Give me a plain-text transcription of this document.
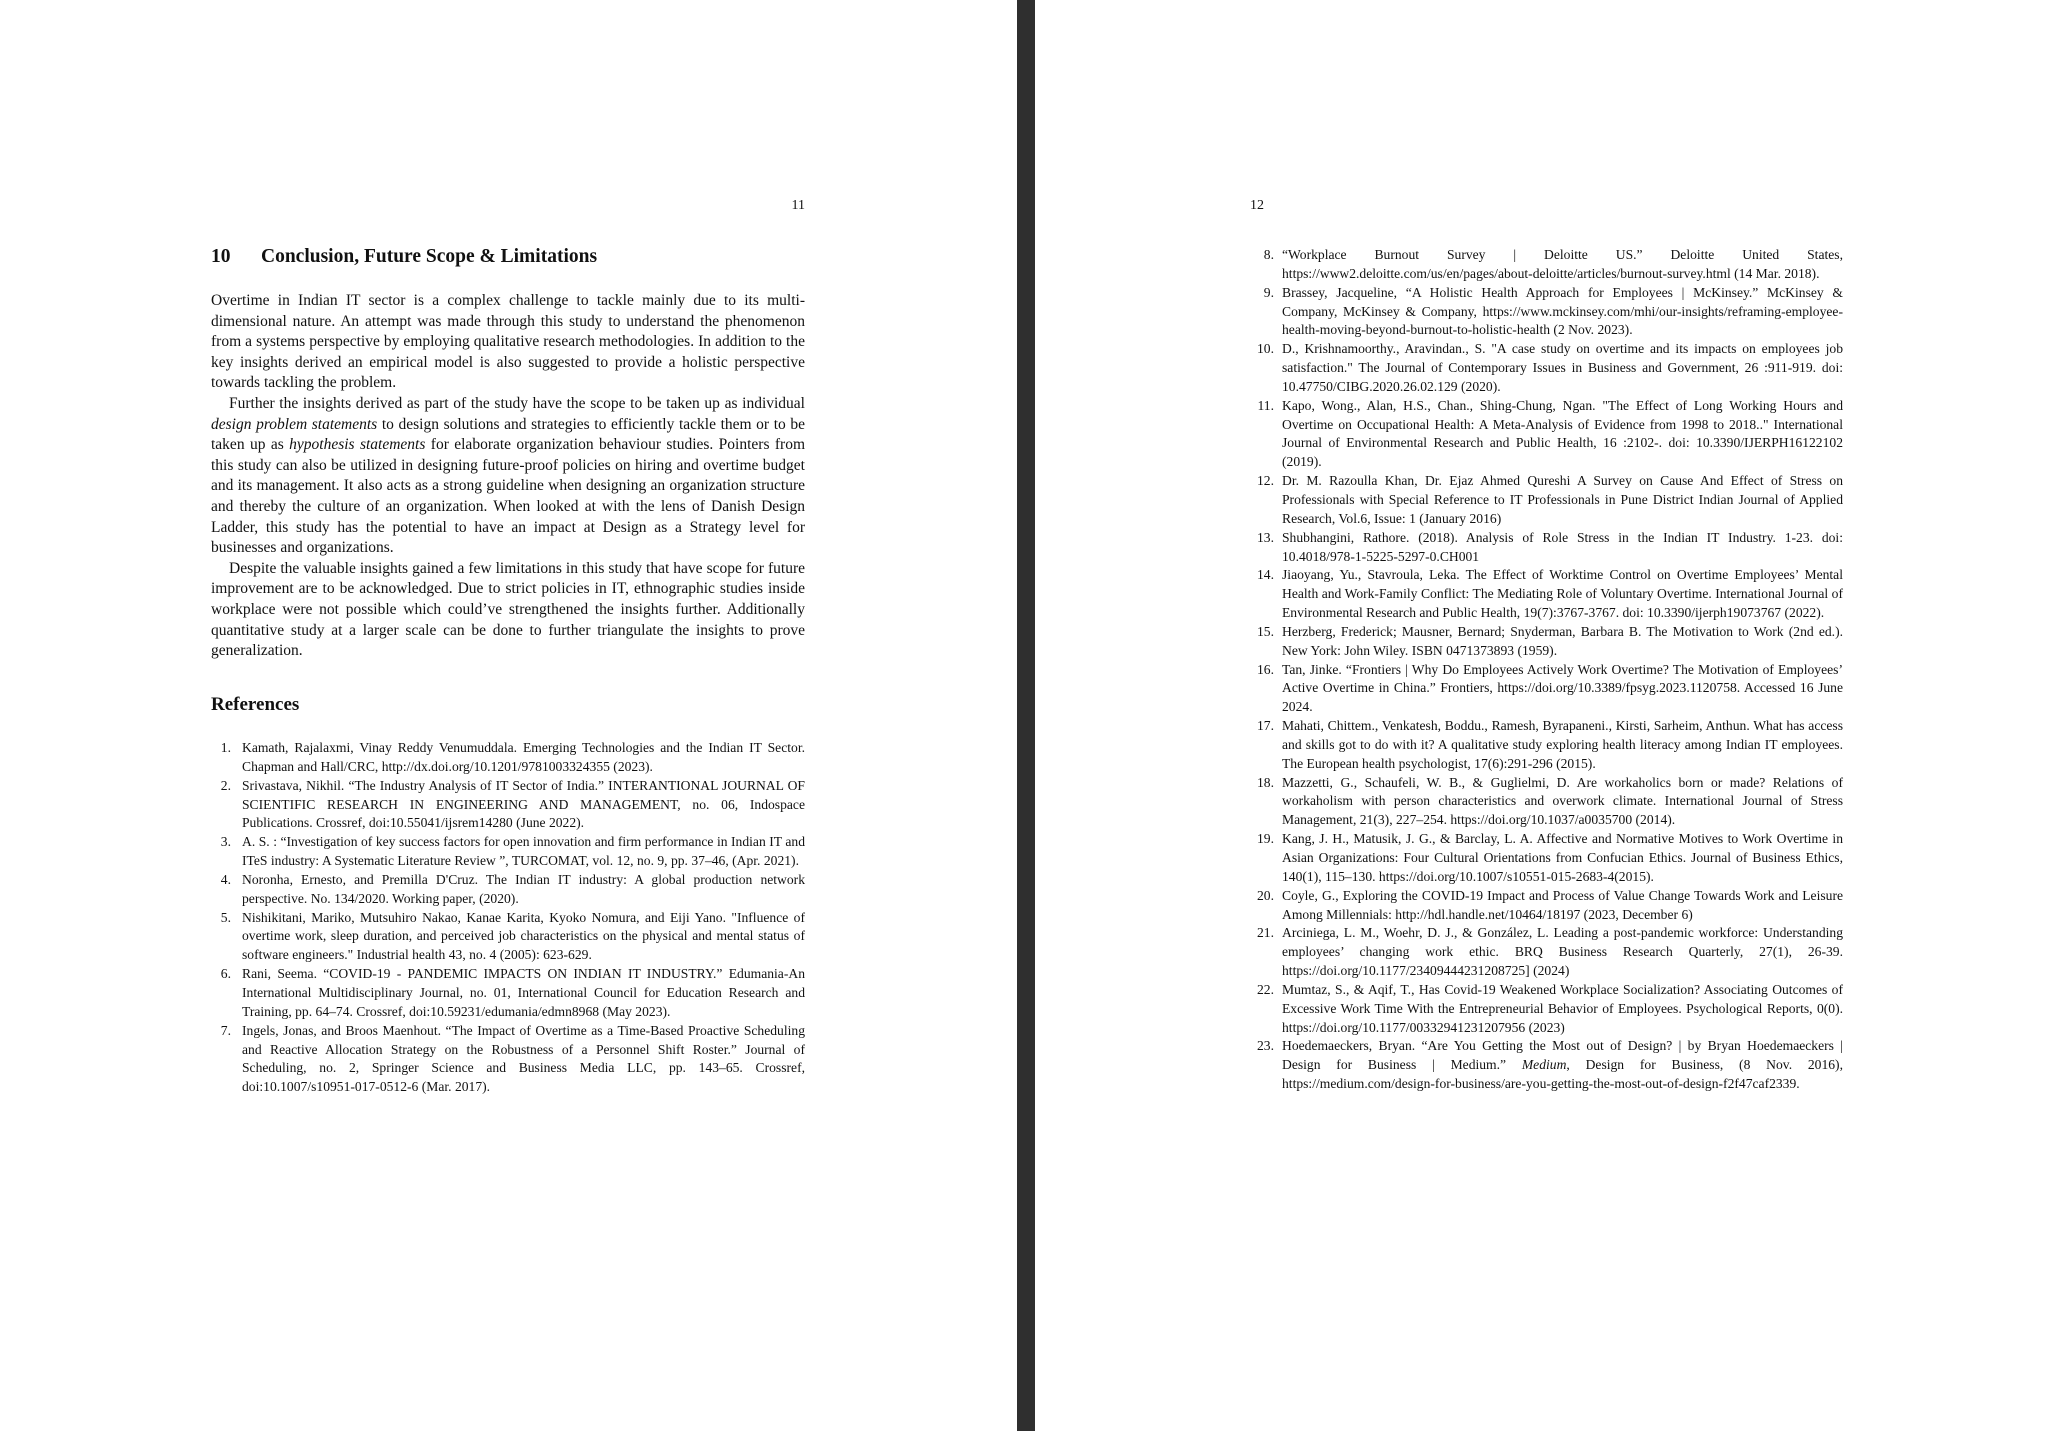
11
10 Conclusion, Future Scope & Limitations

Overtime in Indian IT sector is a complex challenge to tackle mainly due to its multi-dimensional nature. An attempt was made through this study to understand the phenomenon from a systems perspective by employing qualitative research methodologies. In addition to the key insights derived an empirical model is also suggested to provide a holistic perspective towards tackling the problem.

Further the insights derived as part of the study have the scope to be taken up as individual design problem statements to design solutions and strategies to efficiently tackle them or to be taken up as hypothesis statements for elaborate organization behaviour studies. Pointers from this study can also be utilized in designing future-proof policies on hiring and overtime budget and its management. It also acts as a strong guideline when designing an organization structure and thereby the culture of an organization. When looked at with the lens of Danish Design Ladder, this study has the potential to have an impact at Design as a Strategy level for businesses and organizations.

Despite the valuable insights gained a few limitations in this study that have scope for future improvement are to be acknowledged. Due to strict policies in IT, ethnographic studies inside workplace were not possible which could’ve strengthened the insights further. Additionally quantitative study at a larger scale can be done to further triangulate the insights to prove generalization.

References
1. Kamath, Rajalaxmi, Vinay Reddy Venumuddala. Emerging Technologies and the Indian IT Sector. Chapman and Hall/CRC, http://dx.doi.org/10.1201/9781003324355 (2023).
2. Srivastava, Nikhil. “The Industry Analysis of IT Sector of India.” INTERANTIONAL JOURNAL OF SCIENTIFIC RESEARCH IN ENGINEERING AND MANAGEMENT, no. 06, Indospace Publications. Crossref, doi:10.55041/ijsrem14280 (June 2022).
3. A. S. : “Investigation of key success factors for open innovation and firm performance in Indian IT and ITeS industry: A Systematic Literature Review ”, TURCOMAT, vol. 12, no. 9, pp. 37–46, (Apr. 2021).
4. Noronha, Ernesto, and Premilla D'Cruz. The Indian IT industry: A global production network perspective. No. 134/2020. Working paper, (2020).
5. Nishikitani, Mariko, Mutsuhiro Nakao, Kanae Karita, Kyoko Nomura, and Eiji Yano. "Influence of overtime work, sleep duration, and perceived job characteristics on the physical and mental status of software engineers." Industrial health 43, no. 4 (2005): 623-629.
6. Rani, Seema. “COVID-19 - PANDEMIC IMPACTS ON INDIAN IT INDUSTRY.” Edumania-An International Multidisciplinary Journal, no. 01, International Council for Education Research and Training, pp. 64–74. Crossref, doi:10.59231/edumania/edmn8968 (May 2023).
7. Ingels, Jonas, and Broos Maenhout. “The Impact of Overtime as a Time-Based Proactive Scheduling and Reactive Allocation Strategy on the Robustness of a Personnel Shift Roster.” Journal of Scheduling, no. 2, Springer Science and Business Media LLC, pp. 143–65. Crossref, doi:10.1007/s10951-017-0512-6 (Mar. 2017).
12
8. “Workplace Burnout Survey | Deloitte US.” Deloitte United States, https://www2.deloitte.com/us/en/pages/about-deloitte/articles/burnout-survey.html (14 Mar. 2018).
9. Brassey, Jacqueline, “A Holistic Health Approach for Employees | McKinsey.” McKinsey & Company, McKinsey & Company, https://www.mckinsey.com/mhi/our-insights/reframing-employee-health-moving-beyond-burnout-to-holistic-health (2 Nov. 2023).
10. D., Krishnamoorthy., Aravindan., S. "A case study on overtime and its impacts on employees job satisfaction." The Journal of Contemporary Issues in Business and Government, 26 :911-919. doi: 10.47750/CIBG.2020.26.02.129 (2020).
11. Kapo, Wong., Alan, H.S., Chan., Shing-Chung, Ngan. "The Effect of Long Working Hours and Overtime on Occupational Health: A Meta-Analysis of Evidence from 1998 to 2018.." International Journal of Environmental Research and Public Health, 16 :2102-. doi: 10.3390/IJERPH16122102 (2019).
12. Dr. M. Razoulla Khan, Dr. Ejaz Ahmed Qureshi A Survey on Cause And Effect of Stress on Professionals with Special Reference to IT Professionals in Pune District Indian Journal of Applied Research, Vol.6, Issue: 1 (January 2016)
13. Shubhangini, Rathore. (2018). Analysis of Role Stress in the Indian IT Industry. 1-23. doi: 10.4018/978-1-5225-5297-0.CH001
14. Jiaoyang, Yu., Stavroula, Leka. The Effect of Worktime Control on Overtime Employees’ Mental Health and Work-Family Conflict: The Mediating Role of Voluntary Overtime. International Journal of Environmental Research and Public Health, 19(7):3767-3767. doi: 10.3390/ijerph19073767 (2022).
15. Herzberg, Frederick; Mausner, Bernard; Snyderman, Barbara B. The Motivation to Work (2nd ed.). New York: John Wiley. ISBN 0471373893 (1959).
16. Tan, Jinke. “Frontiers | Why Do Employees Actively Work Overtime? The Motivation of Employees’ Active Overtime in China.” Frontiers, https://doi.org/10.3389/fpsyg.2023.1120758. Accessed 16 June 2024.
17. Mahati, Chittem., Venkatesh, Boddu., Ramesh, Byrapaneni., Kirsti, Sarheim, Anthun. What has access and skills got to do with it? A qualitative study exploring health literacy among Indian IT employees. The European health psychologist, 17(6):291-296 (2015).
18. Mazzetti, G., Schaufeli, W. B., & Guglielmi, D. Are workaholics born or made? Relations of workaholism with person characteristics and overwork climate. International Journal of Stress Management, 21(3), 227–254. https://doi.org/10.1037/a0035700 (2014).
19. Kang, J. H., Matusik, J. G., & Barclay, L. A. Affective and Normative Motives to Work Overtime in Asian Organizations: Four Cultural Orientations from Confucian Ethics. Journal of Business Ethics, 140(1), 115–130. https://doi.org/10.1007/s10551-015-2683-4(2015).
20. Coyle, G., Exploring the COVID-19 Impact and Process of Value Change Towards Work and Leisure Among Millennials: http://hdl.handle.net/10464/18197 (2023, December 6)
21. Arciniega, L. M., Woehr, D. J., & González, L. Leading a post-pandemic workforce: Understanding employees’ changing work ethic. BRQ Business Research Quarterly, 27(1), 26-39. https://doi.org/10.1177/23409444231208725] (2024)
22. Mumtaz, S., & Aqif, T., Has Covid-19 Weakened Workplace Socialization? Associating Outcomes of Excessive Work Time With the Entrepreneurial Behavior of Employees. Psychological Reports, 0(0). https://doi.org/10.1177/00332941231207956 (2023)
23. Hoedemaeckers, Bryan. “Are You Getting the Most out of Design? | by Bryan Hoedemaeckers | Design for Business | Medium.” Medium, Design for Business, (8 Nov. 2016), https://medium.com/design-for-business/are-you-getting-the-most-out-of-design-f2f47caf2339.
